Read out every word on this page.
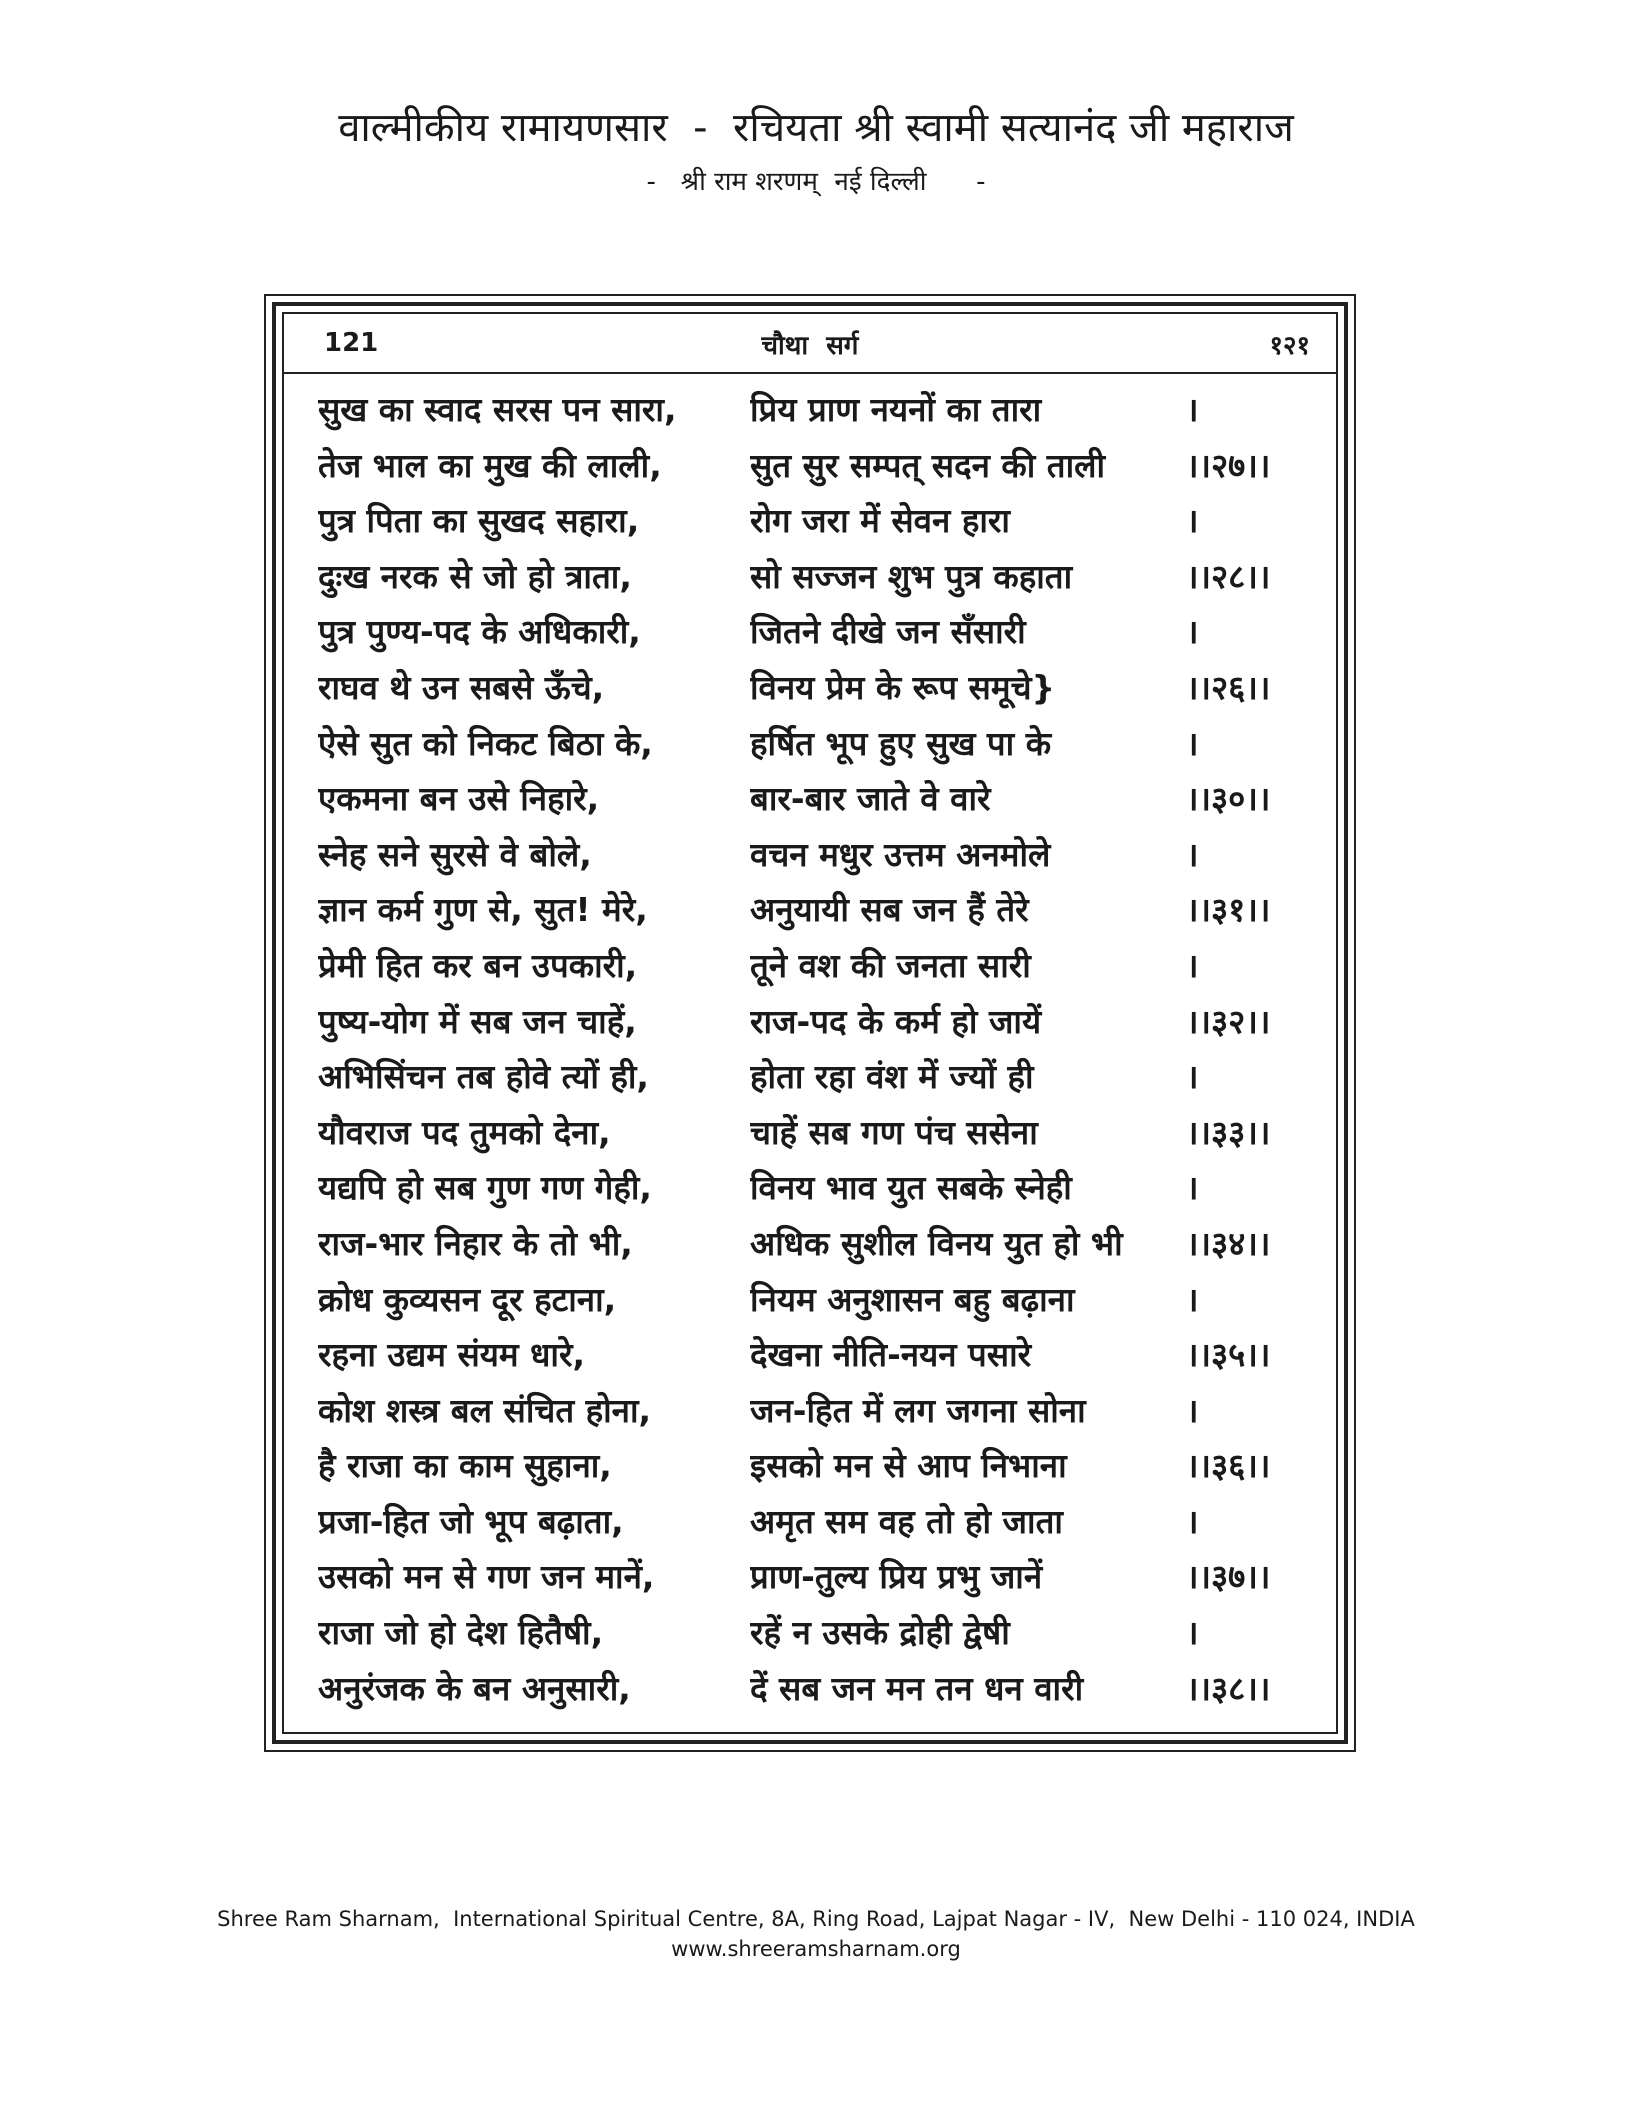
वाल्मीकीय रामायणसार  -  रचियता श्री स्वामी सत्यानंद जी महाराज
-   श्री राम शरणम्  नई दिल्ली      -
121	चौथा  सर्ग	१२१
सुख का स्वाद सरस पन सारा,	प्रिय प्राण नयनों का तारा	।
तेज भाल का मुख की लाली,	सुत सुर सम्पत् सदन की ताली	।।२७।।
पुत्र पिता का सुखद सहारा,	रोग जरा में सेवन हारा	।
दुःख नरक से जो हो त्राता,	सो सज्जन शुभ पुत्र कहाता	।।२८।।
पुत्र पुण्य-पद के अधिकारी,	जितने दीखे जन सँसारी	।
राघव थे उन सबसे ऊँचे,	विनय प्रेम के रूप समूचे}	।।२६।।
ऐसे सुत को निकट बिठा के,	हर्षित भूप हुए सुख पा के	।
एकमना बन उसे निहारे,	बार-बार जाते वे वारे	।।३०।।
स्नेह सने सुरसे वे बोले,	वचन मधुर उत्तम अनमोले	।
ज्ञान कर्म गुण से, सुत! मेरे,	अनुयायी सब जन हैं तेरे	।।३१।।
प्रेमी हित कर बन उपकारी,	तूने वश की जनता सारी	।
पुष्य-योग में सब जन चाहें,	राज-पद के कर्म हो जायें	।।३२।।
अभिसिंचन तब होवे त्यों ही,	होता रहा वंश में ज्यों ही	।
यौवराज पद तुमको देना,	चाहें सब गण पंच ससेना	।।३३।।
यद्यपि हो सब गुण गण गेही,	विनय भाव युत सबके स्नेही	।
राज-भार निहार के तो भी,	अधिक सुशील विनय युत हो भी	।।३४।।
क्रोध कुव्यसन दूर हटाना,	नियम अनुशासन बहु बढ़ाना	।
रहना उद्यम संयम धारे,	देखना नीति-नयन पसारे	।।३५।।
कोश शस्त्र बल संचित होना,	जन-हित में लग जगना सोना	।
है राजा का काम सुहाना,	इसको मन से आप निभाना	।।३६।।
प्रजा-हित जो भूप बढ़ाता,	अमृत सम वह तो हो जाता	।
उसको मन से गण जन मानें,	प्राण-तुल्य प्रिय प्रभु जानें	।।३७।।
राजा जो हो देश हितैषी,	रहें न उसके द्रोही द्वेषी	।
अनुरंजक के बन अनुसारी,	दें सब जन मन तन धन वारी	।।३८।।
Shree Ram Sharnam,  International Spiritual Centre, 8A, Ring Road, Lajpat Nagar - IV,  New Delhi - 110 024, INDIA
www.shreeramsharnam.org
